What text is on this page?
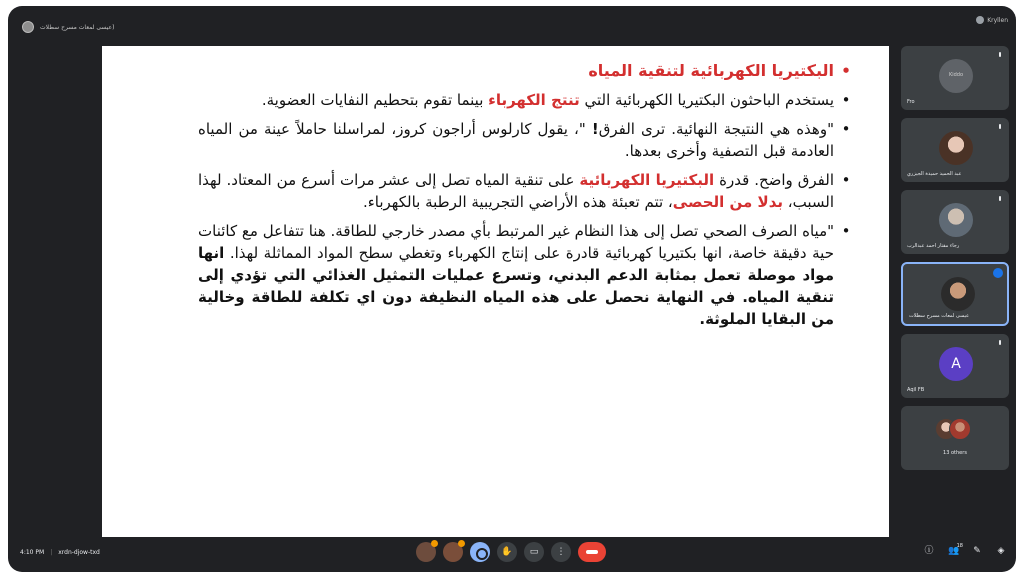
عيسى لمعات مسرح سطلات)
Kryllen
•
البكتيريا الكهربائية لتنقية المياه
•
يستخدم الباحثون البكتيريا الكهربائية التي تنتج الكهرباء بينما تقوم بتحطيم النفايات العضوية.
•
"وهذه هي النتيجة النهائية. ترى الفرق! "، يقول كارلوس أراجون كروز، لمراسلنا حاملاً عينة من المياه العادمة قبل التصفية وأخرى بعدها.
•
الفرق واضح. قدرة البكتيريا الكهربائية على تنقية المياه تصل إلى عشر مرات أسرع من المعتاد. لهذا السبب، بدلا من الحصى، تتم تعبئة هذه الأراضي التجريبية الرطبة بالكهرباء.
•
"مياه الصرف الصحي تصل إلى هذا النظام غير المرتبط بأي مصدر خارجي للطاقة. هنا تتفاعل مع كائنات حية دقيقة خاصة، انها بكتيريا كهربائية قادرة على إنتاج الكهرباء وتغطي سطح المواد المماثلة لهذا. انها مواد موصلة تعمل بمثابة الدعم البدني، وتسرع عمليات التمثيل الغذائي التي تؤدي إلى تنقية المياه. في النهاية نحصل على هذه المياه النظيفة دون اي تكلفة للطاقة وخالية من البقايا الملوثة.
Kiddo
Fro
عبد الحميد حميدة الجيزري
رجاء مقتار احمد عبدالرب
عيسى لمعات مسرح سطلات
A
Aqil FB
13 others
4:10 PM | xrdn-djow-txd	✋	▭	⋮	ⓘ 👥
18 ✎ ◈
